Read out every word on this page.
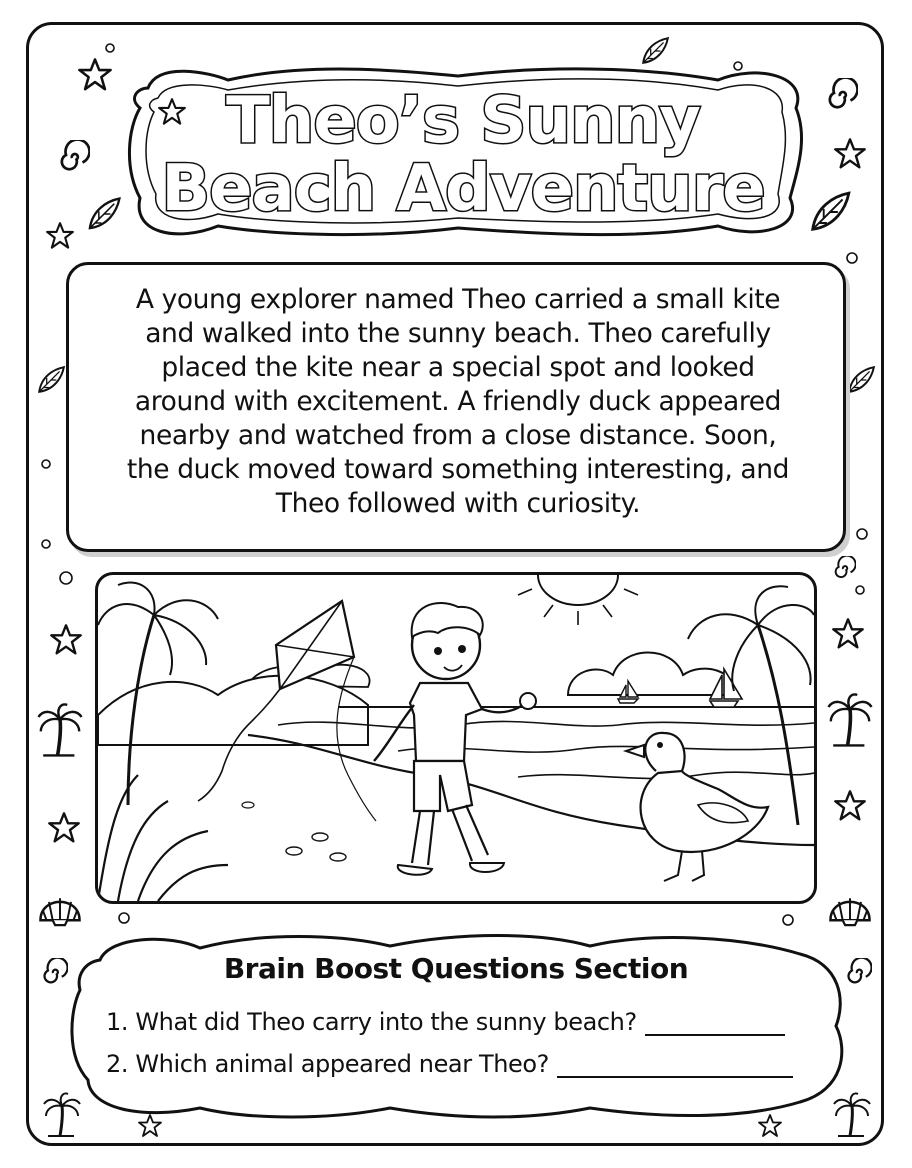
Theo’s Sunny
Beach Adventure
A young explorer named Theo carried a small kite
and walked into the sunny beach. Theo carefully
placed the kite near a special spot and looked
around with excitement. A friendly duck appeared
nearby and watched from a close distance. Soon,
the duck moved toward something interesting, and
Theo followed with curiosity.
Brain Boost Questions Section
1. What did Theo carry into the sunny beach?
2. Which animal appeared near Theo?
